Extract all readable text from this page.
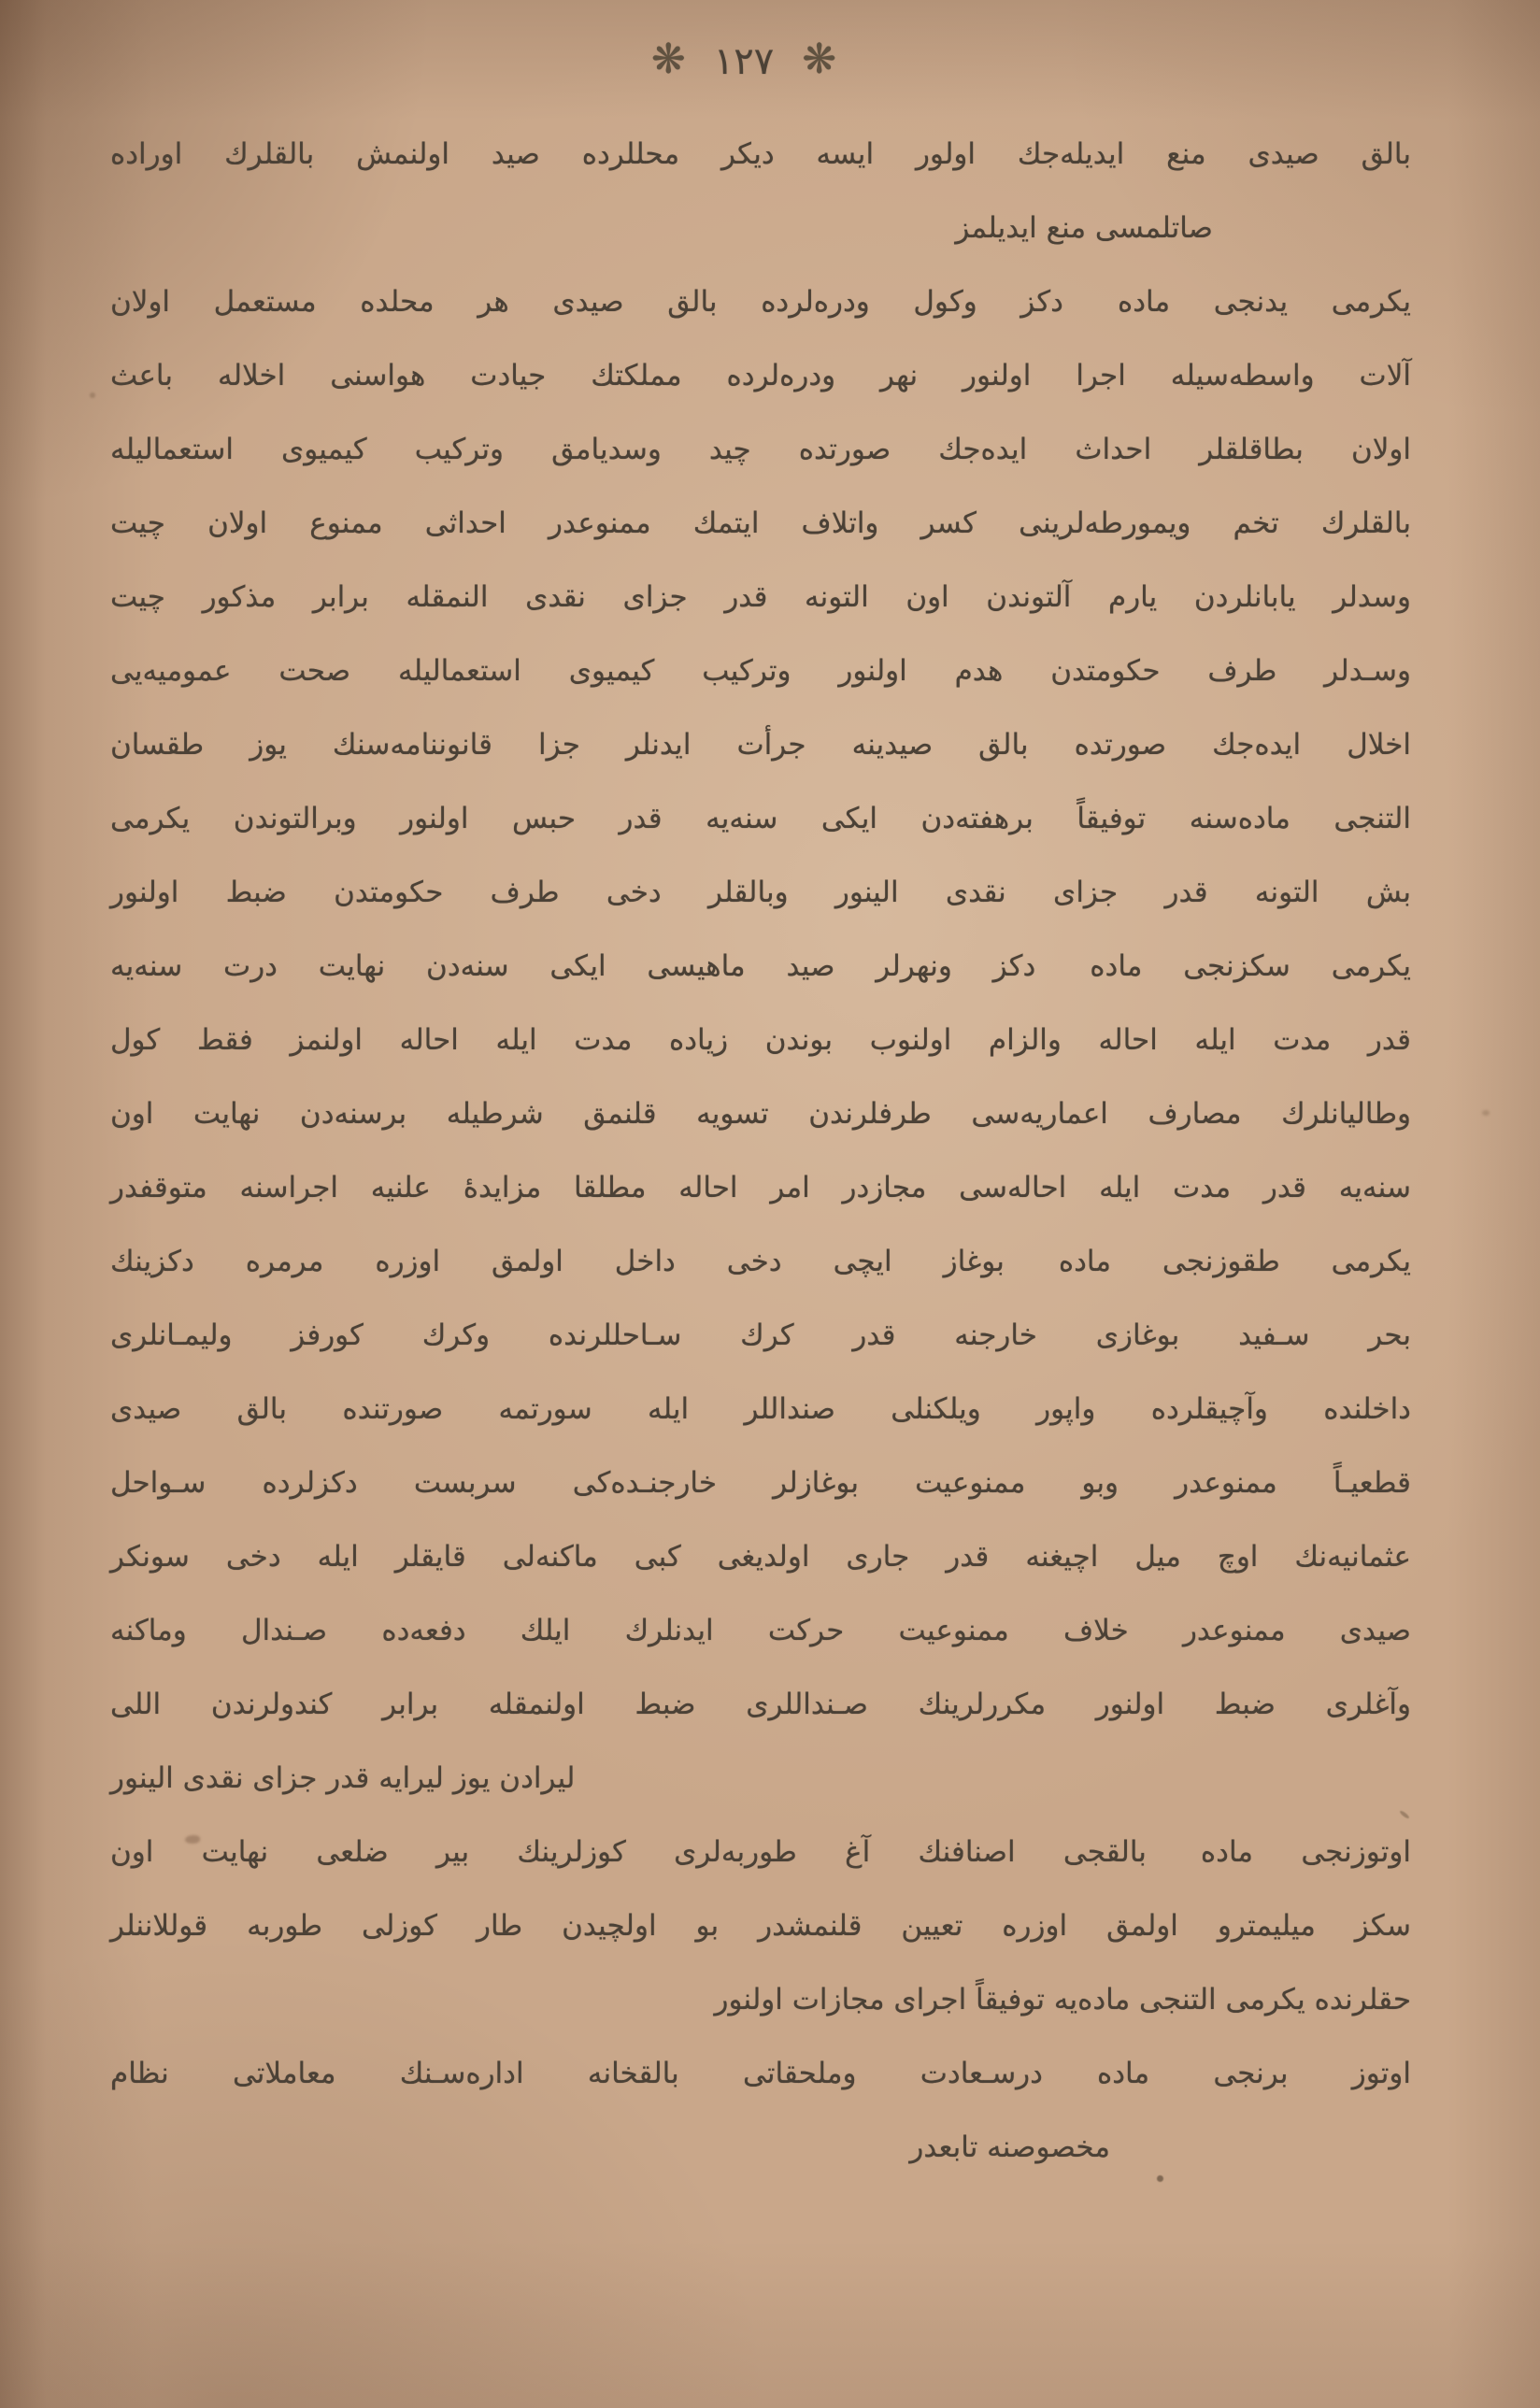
❋
١٢٧
❋
بالق صيدى منع ايديله‌جك اولور ايسه ديكر محللرده صيد اولنمش بالقلرك اوراده
صاتلمسى منع ايديلمز
يكرمى يدنجى مادهدكز وكول ودره‌لرده بالق صيدى هر محلده مستعمل اولان
آلات واسطه‌سيله اجرا اولنور نهر ودره‌لرده مملكتك جيادت هواسنى اخلاله باعث
اولان بطاقلقلر احداث ايده‌جك صورتده چيد وسديامق وتركيب كيميوى استعماليله
بالقلرك تخم ويمورطه‌لرينى كسر واتلاف ايتمك ممنوعدر احداثى ممنوع اولان چيت
وسدلر يابانلردن يارم آلتوندن اون التونه قدر جزاى نقدى النمقله برابر مذكور چيت
وسـدلر طرف حكومتدن هدم اولنور وتركيب كيميوى استعماليله صحت عموميه‌يى
اخلال ايده‌جك صورتده بالق صيدينه جرأت ايدنلر جزا قانوننامه‌سنك يوز طقسان
التنجى ماده‌سنه توفيقاً برهفته‌دن ايكى سنه‌يه قدر حبس اولنور وبرالتوندن يكرمى
بش التونه قدر جزاى نقدى الينور وبالقلر دخى طرف حكومتدن ضبط اولنور
يكرمى سكزنجى مادهدكز ونهرلر صيد ماهيسى ايكى سنه‌دن نهايت درت سنه‌يه
قدر مدت ايله احاله والزام اولنوب بوندن زياده مدت ايله احاله اولنمز فقط كول
وطاليانلرك مصارف اعماريه‌سى طرفلرندن تسويه قلنمق شرطيله برسنه‌دن نهايت اون
سنه‌يه قدر مدت ايله احاله‌سى مجازدر امر احاله مطلقا مزايدهٔ علنيه اجراسنه متوقفدر
يكرمى طقوزنجى مادهبوغاز ايچى دخى داخل اولمق اوزره مرمره دكزينك
بحر سـفيد بوغازى خارجنه قدر كرك سـاحللرنده وكرك كورفز وليمـانلرى
داخلنده وآچيقلرده واپور ويلكنلى صنداللر ايله سورتمه صورتنده بالق صيدى
قطعيـاً ممنوعدر وبو ممنوعيت بوغازلر خارجنـده‌كى سربست دكزلرده سـواحل
عثمانيه‌نك اوچ ميل اچيغنه قدر جارى اولديغى كبى ماكنه‌لى قايقلر ايله دخى سونكر
صيدى ممنوعدر خلاف ممنوعيت حركت ايدنلرك ايلك دفعه‌ده صـندال وماكنه
وآغلرى ضبط اولنور مكررلرينك صـنداللرى ضبط اولنمقله برابر كندولرندن اللى
ليرادن يوز ليرايه قدر جزاى نقدى الينور
اوتوزنجى مادهبالقجى اصنافنك آغ طوربه‌لرى كوزلرينك بير ضلعى نهايت اون
سكز ميليمترو اولمق اوزره تعيين قلنمشدر بو اولچيدن طار كوزلى طوربه قوللاننلر
حقلرنده يكرمى التنجى ماده‌يه توفيقاً اجراى مجازات اولنور
اوتوز برنجى مادهدرسـعادت وملحقاتى بالقخانه اداره‌سـنك معاملاتى نظام
مخصوصنه تابعدر
